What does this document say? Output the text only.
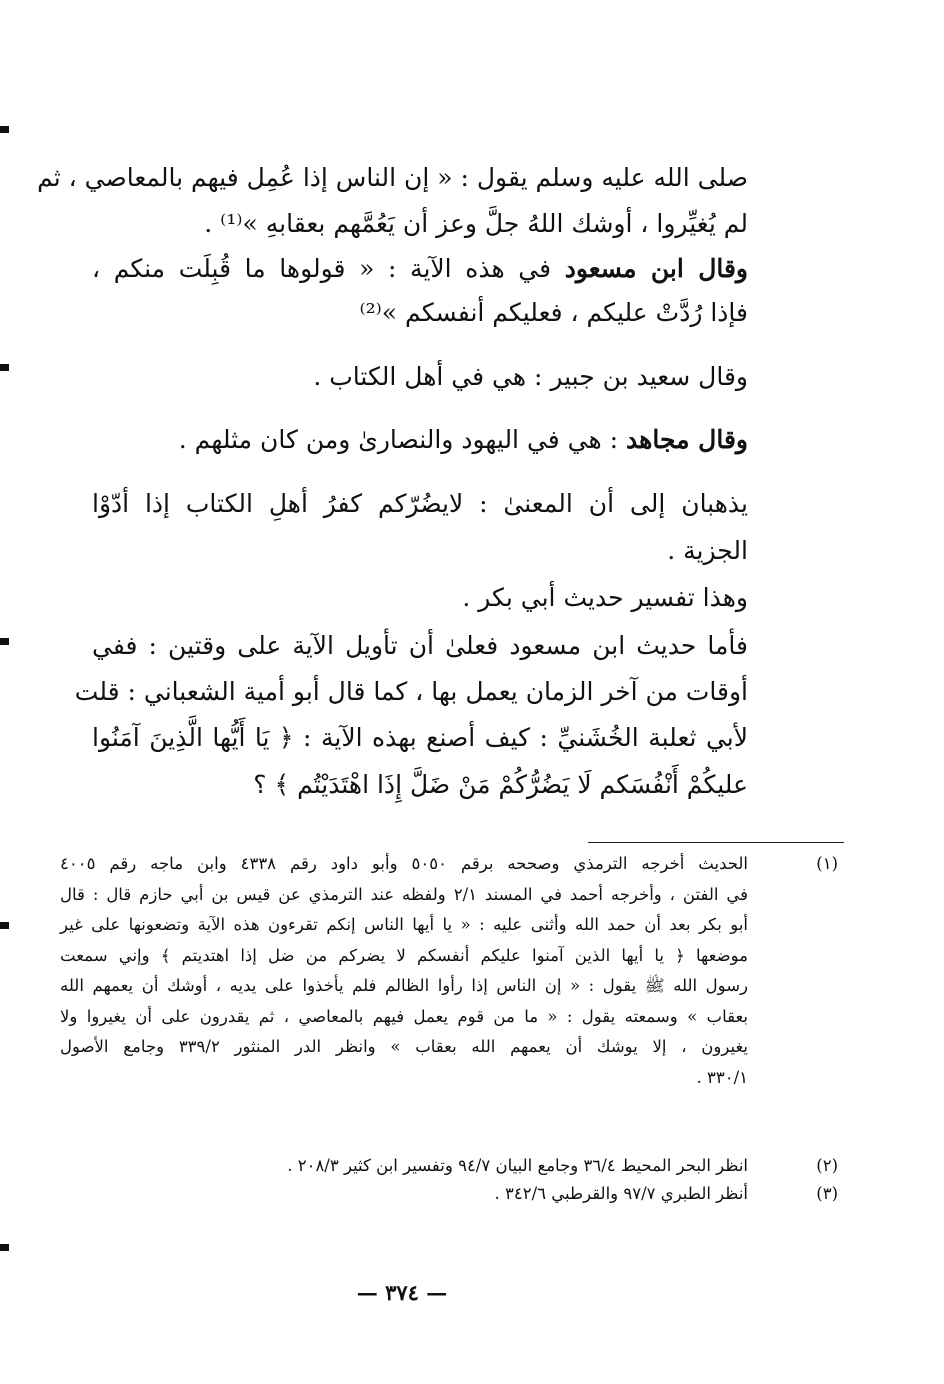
صلى الله عليه وسلم يقول : « إن الناس إذا عُمِل فيهم بالمعاصي ، ثم
لم يُغيِّروا ، أوشك اللهُ جلَّ وعز أن يَعُمَّهم بعقابهِ »⁽¹⁾ .
وقال ابن مسعود في هذه الآية : « قولوها ما قُبِلَت منكم ،
فإذا رُدَّتْ عليكم ، فعليكم أنفسكم »⁽²⁾
وقال سعيد بن جبير : هي في أهل الكتاب .
وقال مجاهد : هي في اليهود والنصارىٰ ومن كان مثلهم .
يذهبان إلى أن المعنىٰ : لايضُرّكم كفرُ أهلِ الكتاب إذا أدّوْا
الجزية .
وهذا تفسير حديث أبي بكر .
فأما حديث ابن مسعود فعلىٰ أن تأويل الآية على وقتين : ففي
أوقات من آخر الزمان يعمل بها ، كما قال أبو أمية الشعباني : قلت
لأبي ثعلبة الخُشَنيِّ : كيف أصنع بهذه الآية : ﴿ يَا أَيُّها الَّذِينَ آمَنُوا
عليكُمْ أَنْفُسَكم لَا يَضُرُّكُمْ مَنْ ضَلَّ إِذَا اهْتَدَيْتُم ﴾ ؟
(١)
الحديث أخرجه الترمذي وصححه برقم ٥٠٥٠ وأبو داود رقم ٤٣٣٨ وابن ماجه رقم ٤٠٠٥
في الفتن ، وأخرجه أحمد في المسند ٢/١ ولفظه عند الترمذي عن قيس بن أبي حازم قال : قال
أبو بكر بعد أن حمد الله وأثنى عليه : « يا أيها الناس إنكم تقرءون هذه الآية وتضعونها على غير
موضعها ﴿ يا أيها الذين آمنوا عليكم أنفسكم لا يضركم من ضل إذا اهتديتم ﴾ وإني سمعت
رسول الله ﷺ يقول : « إن الناس إذا رأوا الظالم فلم يأخذوا على يديه ، أوشك أن يعمهم الله
بعقاب » وسمعته يقول : « ما من قوم يعمل فيهم بالمعاصي ، ثم يقدرون على أن يغيروا ولا
يغيرون ، إلا يوشك أن يعمهم الله بعقاب » وانظر الدر المنثور ٣٣٩/٢ وجامع الأصول
٣٣٠/١ .
(٢)
انظر البحر المحيط ٣٦/٤ وجامع البيان ٩٤/٧ وتفسير ابن كثير ٢٠٨/٣ .
(٣)
أنظر الطبري ٩٧/٧ والقرطبي ٣٤٢/٦ .
— ٣٧٤ —
